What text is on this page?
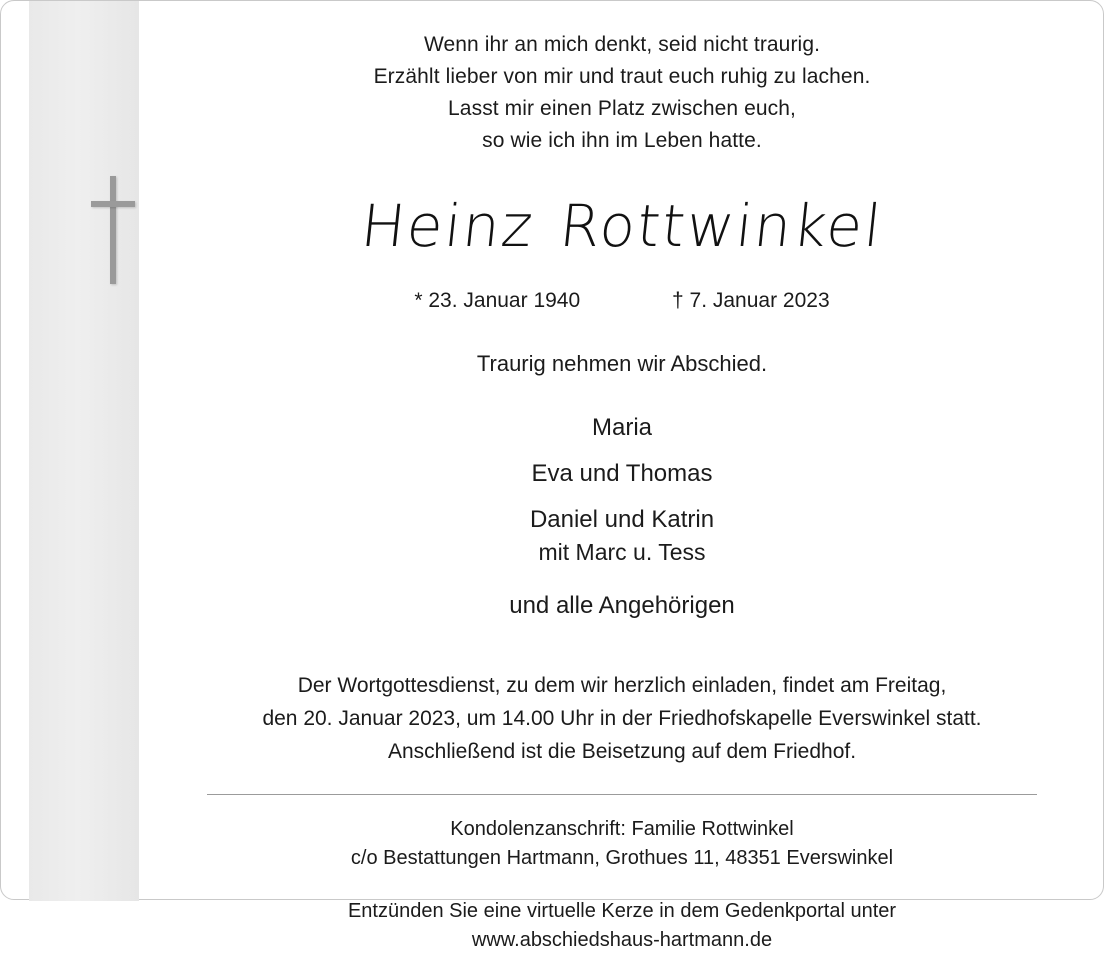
Wenn ihr an mich denkt, seid nicht traurig.
Erzählt lieber von mir und traut euch ruhig zu lachen.
Lasst mir einen Platz zwischen euch,
so wie ich ihn im Leben hatte.
Heinz Rottwinkel
* 23. Januar 1940	† 7. Januar 2023
Traurig nehmen wir Abschied.
Maria
Eva und Thomas
Daniel und Katrin
mit Marc u. Tess
und alle Angehörigen
Der Wortgottesdienst, zu dem wir herzlich einladen, findet am Freitag,
den 20. Januar 2023, um 14.00 Uhr in der Friedhofskapelle Everswinkel statt.
Anschließend ist die Beisetzung auf dem Friedhof.
Kondolenzanschrift: Familie Rottwinkel
c/o Bestattungen Hartmann, Grothues 11, 48351 Everswinkel
Entzünden Sie eine virtuelle Kerze in dem Gedenkportal unter
www.abschiedshaus-hartmann.de
